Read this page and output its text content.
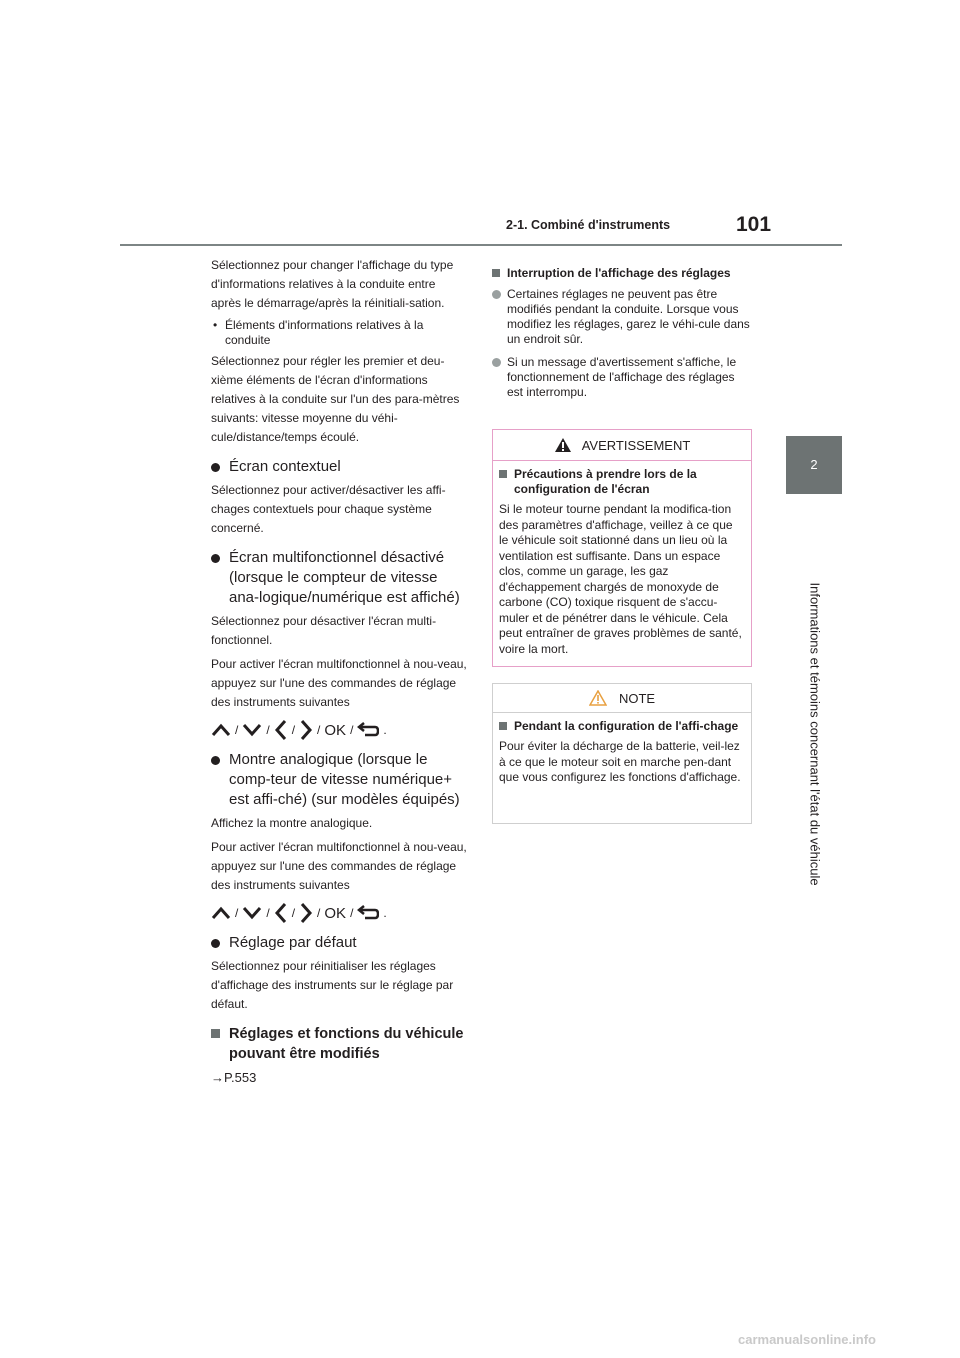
2-1. Combiné d'instruments	101
2
Informations et témoins concernant l'état du véhicule

Sélectionnez pour changer l'affichage du type d'informations relatives à la conduite entre après le démarrage/après la réinitiali-sation.

• Éléments d'informations relatives à la conduite

Sélectionnez pour régler les premier et deu-xième éléments de l'écran d'informations relatives à la conduite sur l'un des para-mètres suivants: vitesse moyenne du véhi-cule/distance/temps écoulé.

Écran contextuel

Sélectionnez pour activer/désactiver les affi-chages contextuels pour chaque système concerné.

Écran multifonctionnel désactivé (lorsque le compteur de vitesse ana-logique/numérique est affiché)

Sélectionnez pour désactiver l'écran multi-fonctionnel.

Pour activer l'écran multifonctionnel à nou-veau, appuyez sur l'une des commandes de réglage des instruments suivantes

/ / / / OK /	.
Montre analogique (lorsque le comp-teur de vitesse numérique+ est affi-ché) (sur modèles équipés)

Affichez la montre analogique.

Pour activer l'écran multifonctionnel à nou-veau, appuyez sur l'une des commandes de réglage des instruments suivantes

/ / / / OK /	.
Réglage par défaut

Sélectionnez pour réinitialiser les réglages d'affichage des instruments sur le réglage par défaut.

Réglages et fonctions du véhicule pouvant être modifiés

→P.553

Interruption de l'affichage des réglages
Certaines réglages ne peuvent pas être modifiés pendant la conduite. Lorsque vous modifiez les réglages, garez le véhi-cule dans un endroit sûr.
Si un message d'avertissement s'affiche, le fonctionnement de l'affichage des réglages est interrompu.
AVERTISSEMENT
Précautions à prendre lors de la configuration de l'écran

Si le moteur tourne pendant la modifica-tion des paramètres d'affichage, veillez à ce que le véhicule soit stationné dans un lieu où la ventilation est suffisante. Dans un espace clos, comme un garage, les gaz d'échappement chargés de monoxyde de carbone (CO) toxique risquent de s'accu-muler et de pénétrer dans le véhicule. Cela peut entraîner de graves problèmes de santé, voire la mort.

NOTE
Pendant la configuration de l'affi-chage

Pour éviter la décharge de la batterie, veil-lez à ce que le moteur soit en marche pen-dant que vous configurez les fonctions d'affichage.

carmanualsonline.info
